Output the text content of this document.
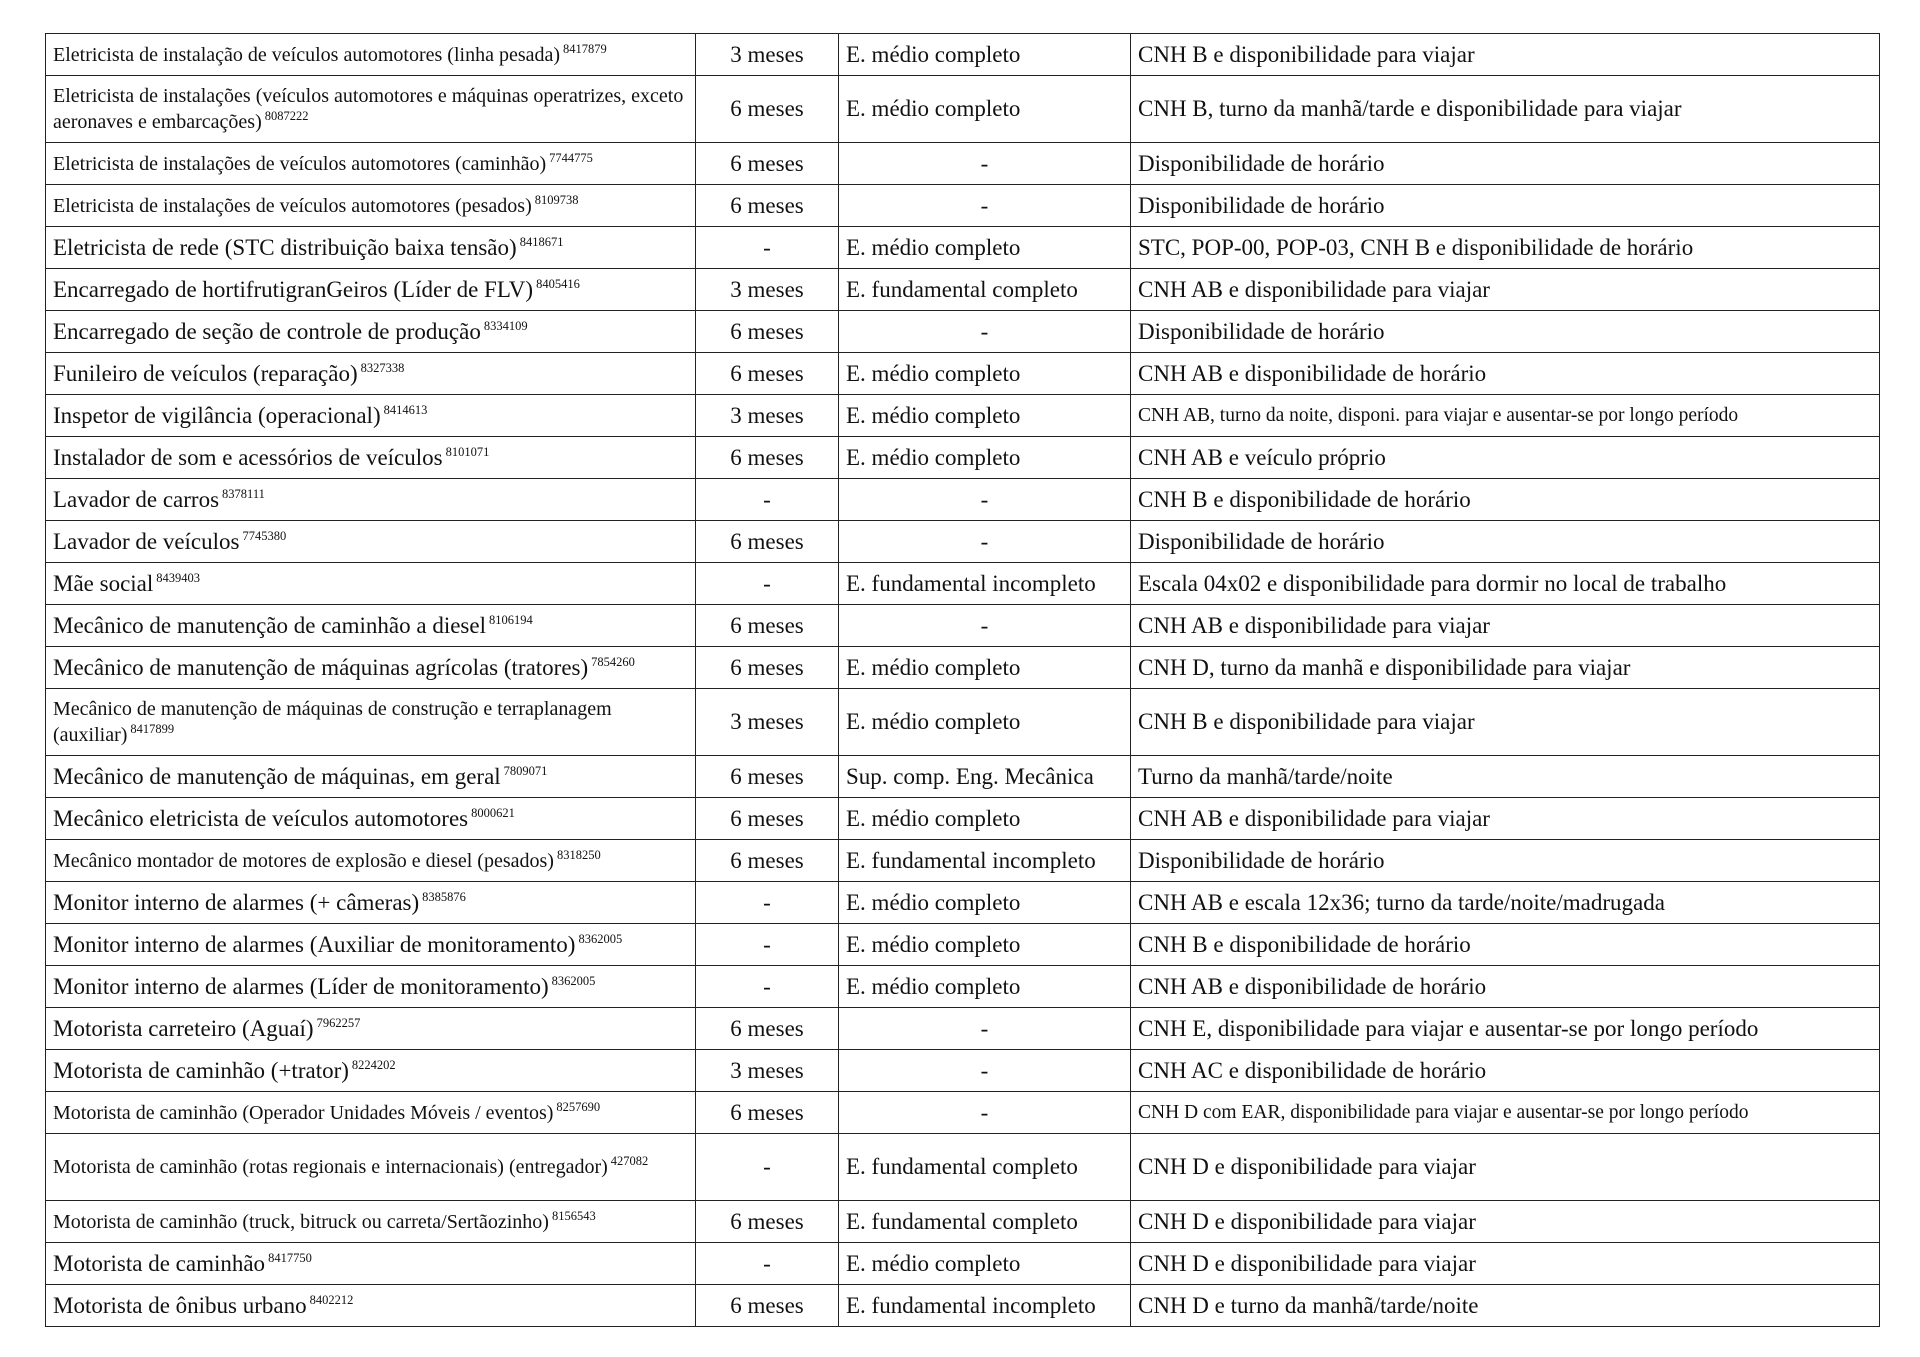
Eletricista de instalação de veículos automotores (linha pesada) $^{8417879}$	3 meses	E. médio completo	CNH B e disponibilidade para viajar
Eletricista de instalações (veículos automotores e máquinas operatrizes, exceto aeronaves e embarcações) $^{8087222}$	6 meses	E. médio completo	CNH B, turno da manhã/tarde e disponibilidade para viajar
Eletricista de instalações de veículos automotores (caminhão) $^{7744775}$	6 meses	-	Disponibilidade de horário
Eletricista de instalações de veículos automotores (pesados) $^{8109738}$	6 meses	-	Disponibilidade de horário
Eletricista de rede (STC distribuição baixa tensão) $^{8418671}$	-	E. médio completo	STC, POP-00, POP-03, CNH B e disponibilidade de horário
Encarregado de hortifrutigranGeiros (Líder de FLV) $^{8405416}$	3 meses	E. fundamental completo	CNH AB e disponibilidade para viajar
Encarregado de seção de controle de produção $^{8334109}$	6 meses	-	Disponibilidade de horário
Funileiro de veículos (reparação) $^{8327338}$	6 meses	E. médio completo	CNH AB e disponibilidade de horário
Inspetor de vigilância (operacional) $^{8414613}$	3 meses	E. médio completo	CNH AB, turno da noite, disponi. para viajar e ausentar-se por longo período
Instalador de som e acessórios de veículos $^{8101071}$	6 meses	E. médio completo	CNH AB e veículo próprio
Lavador de carros $^{8378111}$	-	-	CNH B e disponibilidade de horário
Lavador de veículos $^{7745380}$	6 meses	-	Disponibilidade de horário
Mãe social $^{8439403}$	-	E. fundamental incompleto	Escala 04x02 e disponibilidade para dormir no local de trabalho
Mecânico de manutenção de caminhão a diesel $^{8106194}$	6 meses	-	CNH AB e disponibilidade para viajar
Mecânico de manutenção de máquinas agrícolas (tratores) $^{7854260}$	6 meses	E. médio completo	CNH D, turno da manhã e disponibilidade para viajar
Mecânico de manutenção de máquinas de construção e terraplanagem (auxiliar) $^{8417899}$	3 meses	E. médio completo	CNH B e disponibilidade para viajar
Mecânico de manutenção de máquinas, em geral $^{7809071}$	6 meses	Sup. comp. Eng. Mecânica	Turno da manhã/tarde/noite
Mecânico eletricista de veículos automotores $^{8000621}$	6 meses	E. médio completo	CNH AB e disponibilidade para viajar
Mecânico montador de motores de explosão e diesel (pesados) $^{8318250}$	6 meses	E. fundamental incompleto	Disponibilidade de horário
Monitor interno de alarmes (+ câmeras) $^{8385876}$	-	E. médio completo	CNH AB e escala 12x36; turno da tarde/noite/madrugada
Monitor interno de alarmes (Auxiliar de monitoramento) $^{8362005}$	-	E. médio completo	CNH B e disponibilidade de horário
Monitor interno de alarmes (Líder de monitoramento) $^{8362005}$	-	E. médio completo	CNH AB e disponibilidade de horário
Motorista carreteiro (Aguaí) $^{7962257}$	6 meses	-	CNH E, disponibilidade para viajar e ausentar-se por longo período
Motorista de caminhão (+trator) $^{8224202}$	3 meses	-	CNH AC e disponibilidade de horário
Motorista de caminhão (Operador Unidades Móveis / eventos) $^{8257690}$	6 meses	-	CNH D com EAR, disponibilidade para viajar e ausentar-se por longo período
Motorista de caminhão (rotas regionais e internacionais) (entregador) $^{427082}$	-	E. fundamental completo	CNH D e disponibilidade para viajar
Motorista de caminhão (truck, bitruck ou carreta/Sertãozinho) $^{8156543}$	6 meses	E. fundamental completo	CNH D e disponibilidade para viajar
Motorista de caminhão $^{8417750}$	-	E. médio completo	CNH D e disponibilidade para viajar
Motorista de ônibus urbano $^{8402212}$	6 meses	E. fundamental incompleto	CNH D e turno da manhã/tarde/noite
